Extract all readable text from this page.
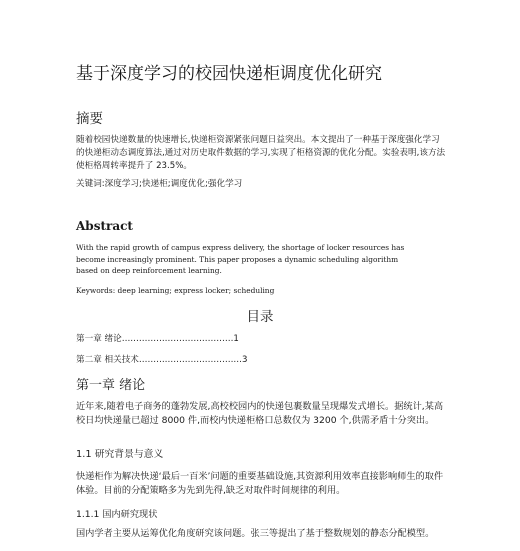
基于深度学习的校园快递柜调度优化研究
摘要
随着校园快递数量的快速增长,快递柜资源紧张问题日益突出。本文提出了一种基于深度强化学习的快递柜动态调度算法,通过对历史取件数据的学习,实现了柜格资源的优化分配。实验表明,该方法使柜格周转率提升了 23.5%。
关键词:深度学习;快递柜;调度优化;强化学习
Abstract
With the rapid growth of campus express delivery, the shortage of locker resources has become increasingly prominent. This paper proposes a dynamic scheduling algorithm based on deep reinforcement learning.
Keywords: deep learning; express locker; scheduling
目录
第一章 绪论…………………………………1
第二章 相关技术………………………………3
第一章 绪论
近年来,随着电子商务的蓬勃发展,高校校园内的快递包裹数量呈现爆发式增长。据统计,某高校日均快递量已超过 8000 件,而校内快递柜格口总数仅为 3200 个,供需矛盾十分突出。
1.1 研究背景与意义
快递柜作为解决快递‘最后一百米’问题的重要基础设施,其资源利用效率直接影响师生的取件体验。目前的分配策略多为先到先得,缺乏对取件时间规律的利用。
1.1.1 国内研究现状
国内学者主要从运筹优化角度研究该问题。张三等提出了基于整数规划的静态分配模型。
